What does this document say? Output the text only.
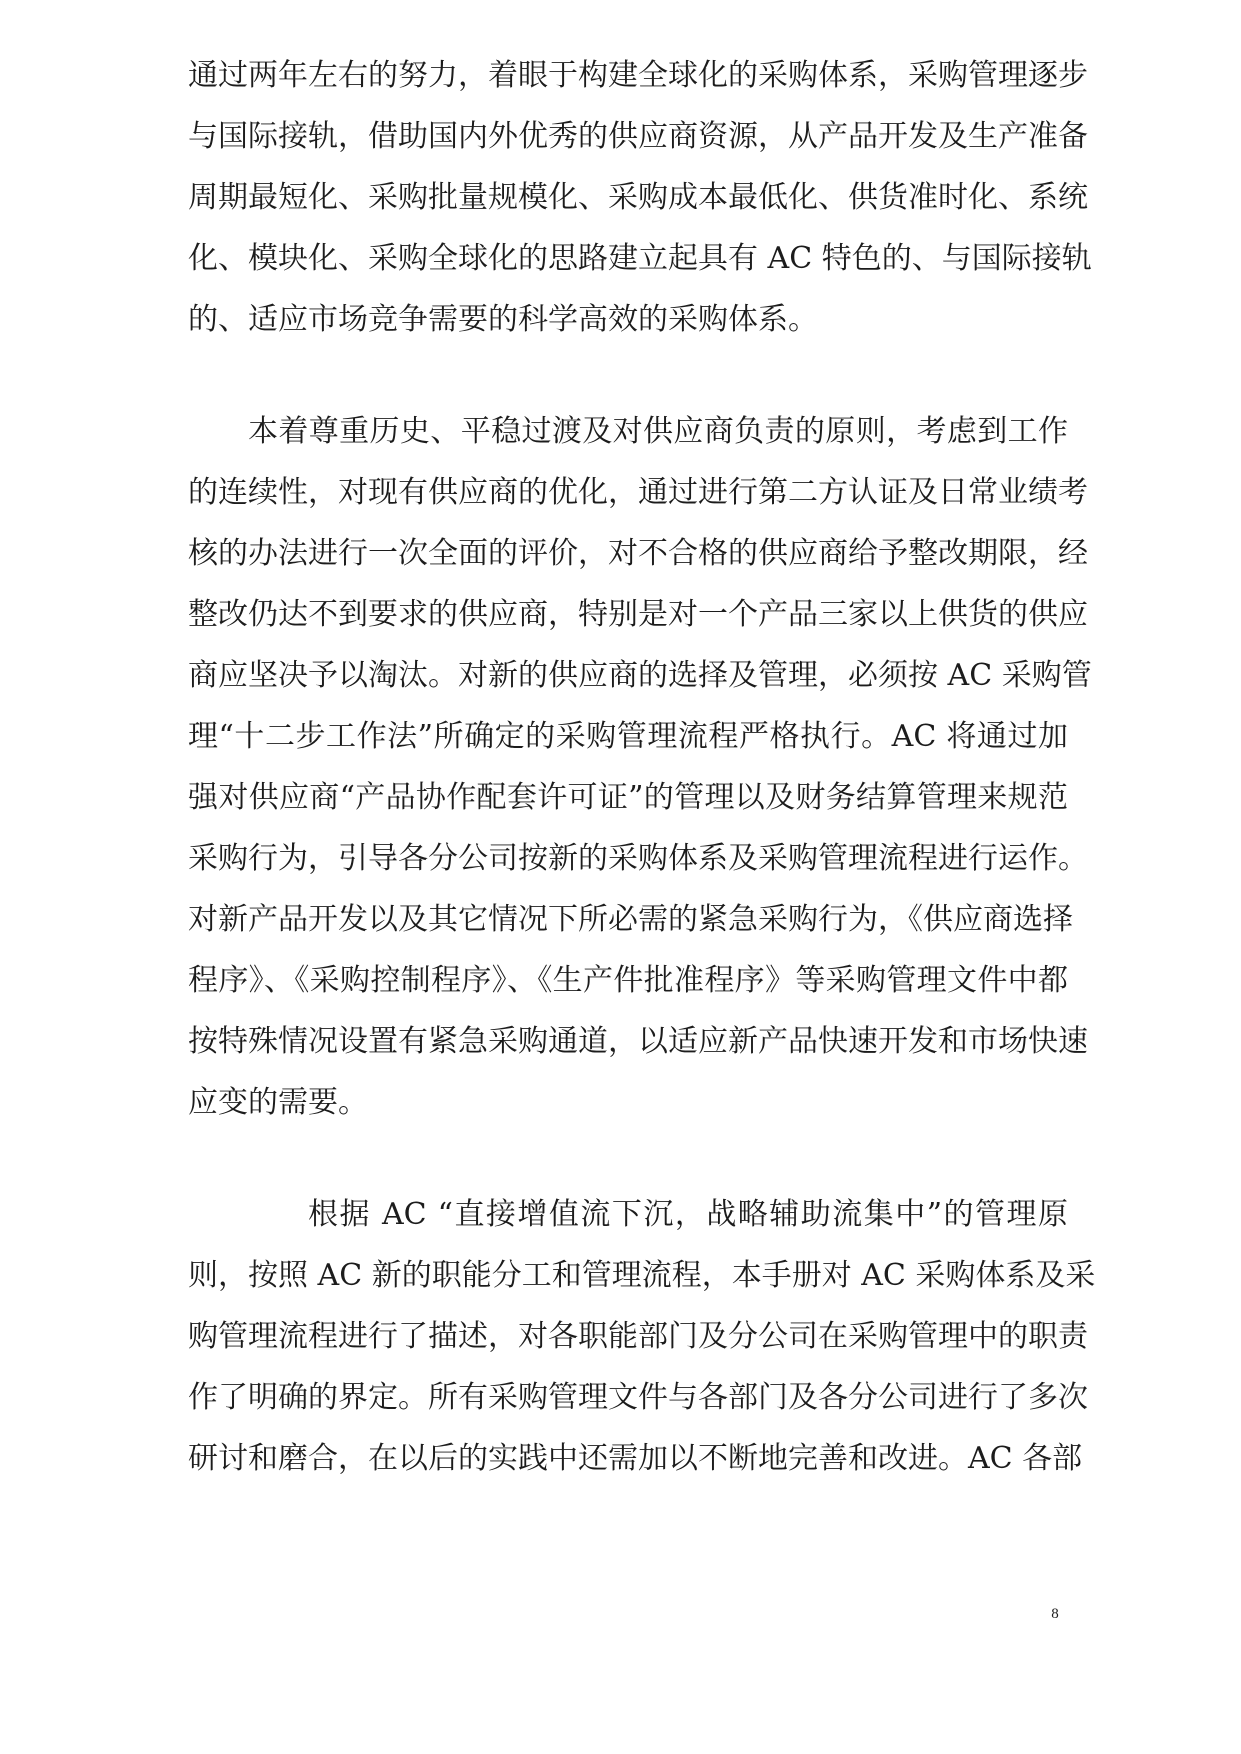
通过两年左右的努力，着眼于构建全球化的采购体系，采购管理逐步

与国际接轨，借助国内外优秀的供应商资源，从产品开发及生产准备

周期最短化、采购批量规模化、采购成本最低化、供货准时化、系统

化、模块化、采购全球化的思路建立起具有 AC 特色的、与国际接轨

的、适应市场竞争需要的科学高效的采购体系。

本着尊重历史、平稳过渡及对供应商负责的原则，考虑到工作

的连续性，对现有供应商的优化，通过进行第二方认证及日常业绩考

核的办法进行一次全面的评价，对不合格的供应商给予整改期限，经

整改仍达不到要求的供应商，特别是对一个产品三家以上供货的供应

商应坚决予以淘汰。对新的供应商的选择及管理，必须按 AC 采购管

理“十二步工作法”所确定的采购管理流程严格执行。AC 将通过加

强对供应商“产品协作配套许可证”的管理以及财务结算管理来规范

采购行为，引导各分公司按新的采购体系及采购管理流程进行运作。

对新产品开发以及其它情况下所必需的紧急采购行为，《供应商选择

程序》、《采购控制程序》、《生产件批准程序》等采购管理文件中都

按特殊情况设置有紧急采购通道，以适应新产品快速开发和市场快速

应变的需要。

根据 AC “直接增值流下沉，战略辅助流集中”的管理原

则，按照 AC 新的职能分工和管理流程，本手册对 AC 采购体系及采

购管理流程进行了描述，对各职能部门及分公司在采购管理中的职责

作了明确的界定。所有采购管理文件与各部门及各分公司进行了多次

研讨和磨合，在以后的实践中还需加以不断地完善和改进。AC 各部

8
